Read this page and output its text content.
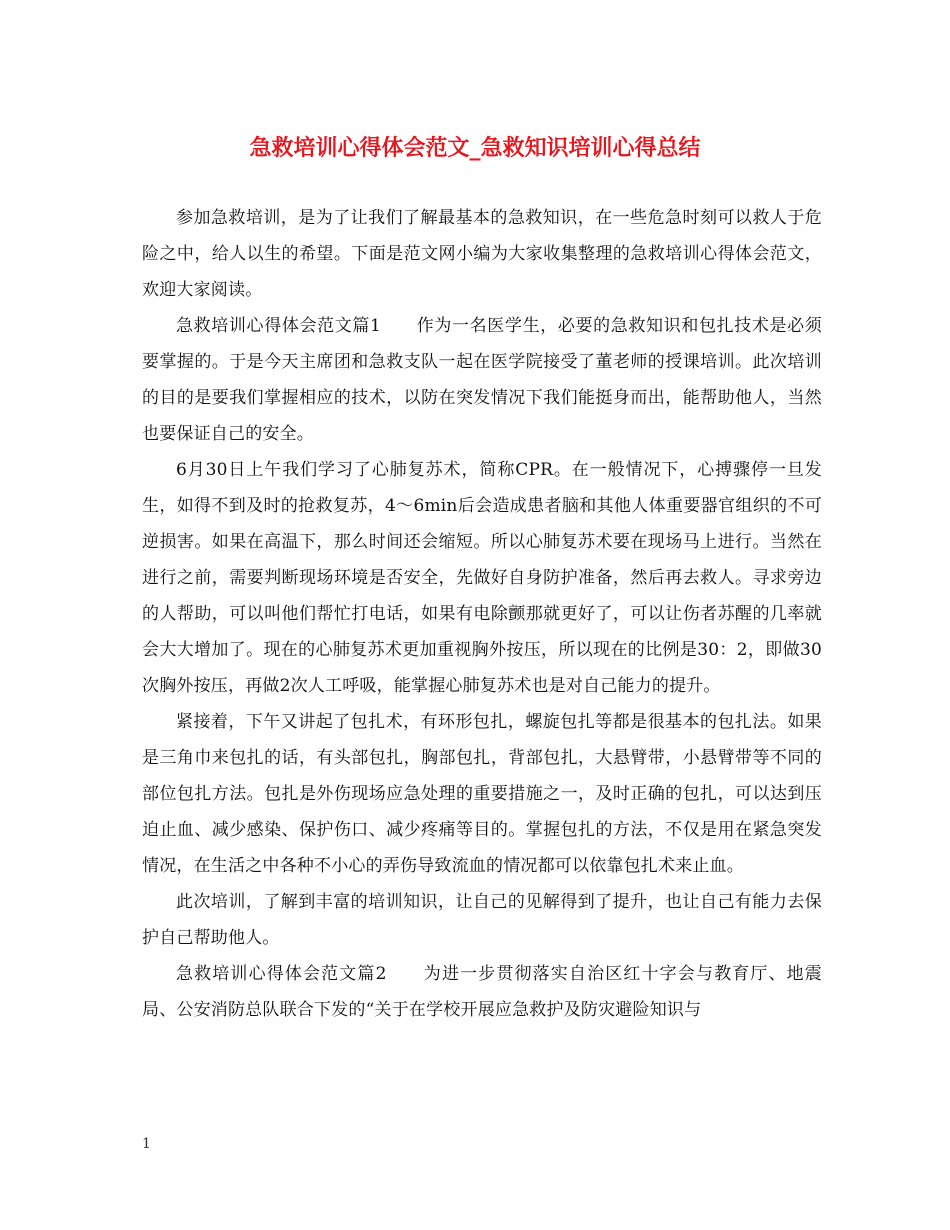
急救培训心得体会范文_急救知识培训心得总结

参加急救培训，是为了让我们了解最基本的急救知识，在一些危急时刻可以救人于危险之中，给人以生的希望。下面是范文网小编为大家收集整理的急救培训心得体会范文，欢迎大家阅读。

急救培训心得体会范文篇1　　作为一名医学生，必要的急救知识和包扎技术是必须要掌握的。于是今天主席团和急救支队一起在医学院接受了董老师的授课培训。此次培训的目的是要我们掌握相应的技术，以防在突发情况下我们能挺身而出，能帮助他人，当然也要保证自己的安全。

6月30日上午我们学习了心肺复苏术，简称CPR。在一般情况下，心搏骤停一旦发生，如得不到及时的抢救复苏，4～6min后会造成患者脑和其他人体重要器官组织的不可逆损害。如果在高温下，那么时间还会缩短。所以心肺复苏术要在现场马上进行。当然在进行之前，需要判断现场环境是否安全，先做好自身防护准备，然后再去救人。寻求旁边的人帮助，可以叫他们帮忙打电话，如果有电除颤那就更好了，可以让伤者苏醒的几率就会大大增加了。现在的心肺复苏术更加重视胸外按压，所以现在的比例是30：2，即做30次胸外按压，再做2次人工呼吸，能掌握心肺复苏术也是对自己能力的提升。

紧接着，下午又讲起了包扎术，有环形包扎，螺旋包扎等都是很基本的包扎法。如果是三角巾来包扎的话，有头部包扎，胸部包扎，背部包扎，大悬臂带，小悬臂带等不同的部位包扎方法。包扎是外伤现场应急处理的重要措施之一，及时正确的包扎，可以达到压迫止血、减少感染、保护伤口、减少疼痛等目的。掌握包扎的方法，不仅是用在紧急突发情况，在生活之中各种不小心的弄伤导致流血的情况都可以依靠包扎术来止血。

此次培训，了解到丰富的培训知识，让自己的见解得到了提升，也让自己有能力去保护自己帮助他人。

急救培训心得体会范文篇2　　为进一步贯彻落实自治区红十字会与教育厅、地震局、公安消防总队联合下发的“关于在学校开展应急救护及防灾避险知识与

1
